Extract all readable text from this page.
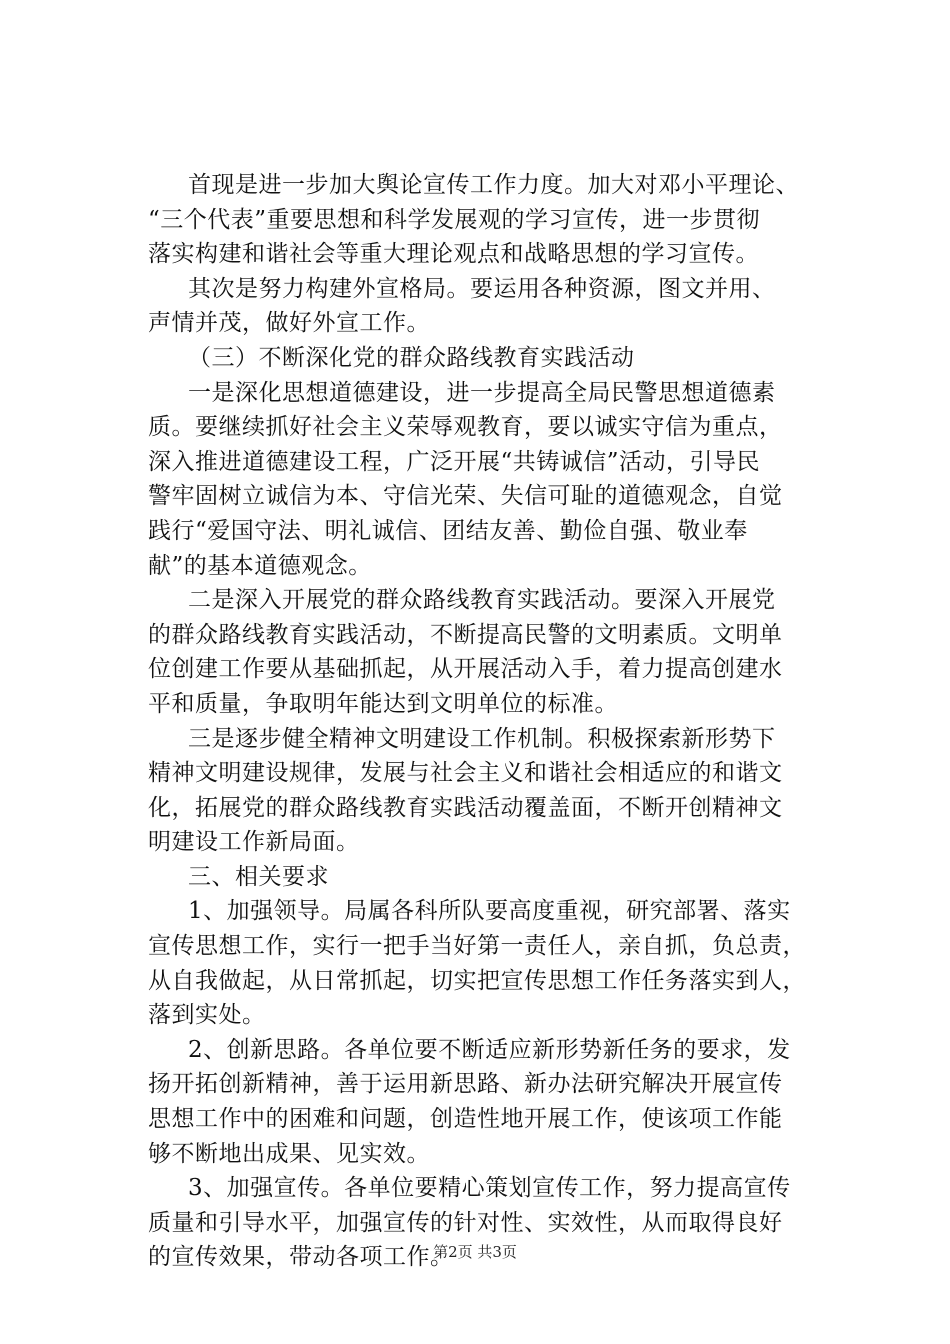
首现是进一步加大舆论宣传工作力度。加大对邓小平理论、
“三个代表”重要思想和科学发展观的学习宣传，进一步贯彻
落实构建和谐社会等重大理论观点和战略思想的学习宣传。
其次是努力构建外宣格局。要运用各种资源，图文并用、
声情并茂，做好外宣工作。
（三）不断深化党的群众路线教育实践活动
一是深化思想道德建设，进一步提高全局民警思想道德素
质。要继续抓好社会主义荣辱观教育，要以诚实守信为重点，
深入推进道德建设工程，广泛开展“共铸诚信”活动，引导民
警牢固树立诚信为本、守信光荣、失信可耻的道德观念，自觉
践行“爱国守法、明礼诚信、团结友善、勤俭自强、敬业奉
献”的基本道德观念。
二是深入开展党的群众路线教育实践活动。要深入开展党
的群众路线教育实践活动，不断提高民警的文明素质。文明单
位创建工作要从基础抓起，从开展活动入手，着力提高创建水
平和质量，争取明年能达到文明单位的标准。
三是逐步健全精神文明建设工作机制。积极探索新形势下
精神文明建设规律，发展与社会主义和谐社会相适应的和谐文
化，拓展党的群众路线教育实践活动覆盖面，不断开创精神文
明建设工作新局面。
三、相关要求
1、加强领导。局属各科所队要高度重视，研究部署、落实
宣传思想工作，实行一把手当好第一责任人，亲自抓，负总责，
从自我做起，从日常抓起，切实把宣传思想工作任务落实到人，
落到实处。
2、创新思路。各单位要不断适应新形势新任务的要求，发
扬开拓创新精神，善于运用新思路、新办法研究解决开展宣传
思想工作中的困难和问题，创造性地开展工作，使该项工作能
够不断地出成果、见实效。
3、加强宣传。各单位要精心策划宣传工作，努力提高宣传
质量和引导水平，加强宣传的针对性、实效性，从而取得良好
的宣传效果，带动各项工作。
第2页 共3页
